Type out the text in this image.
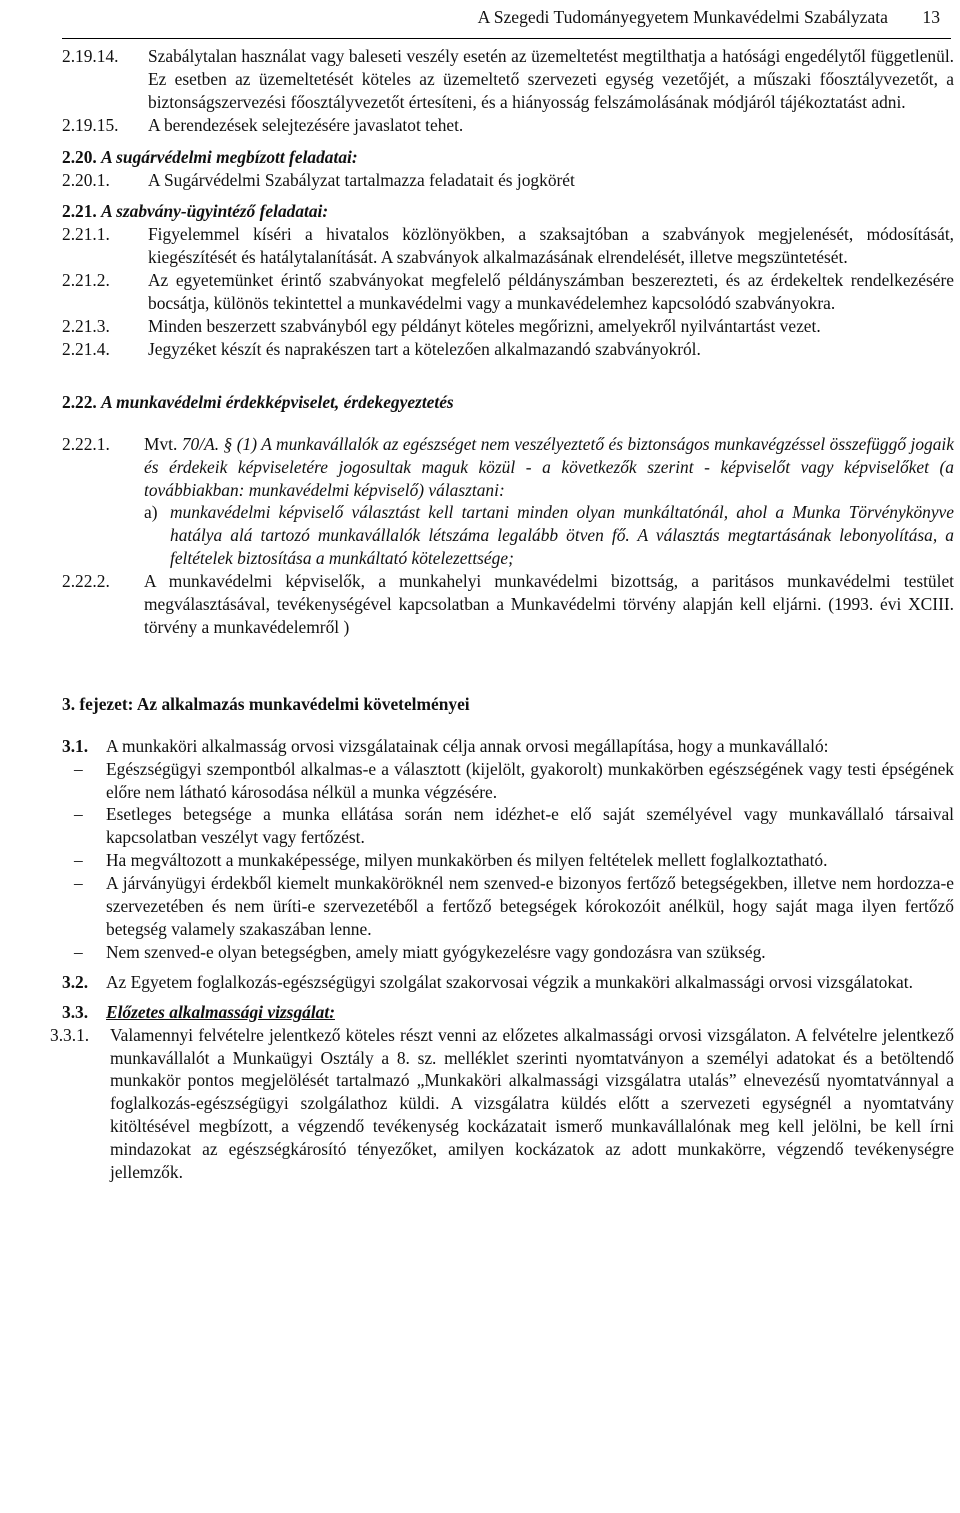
A Szegedi Tudományegyetem Munkavédelmi Szabályzata 13
2.19.14.	Szabálytalan használat vagy baleseti veszély esetén az üzemeltetést megtilthatja a hatósági engedélytől függetlenül. Ez esetben az üzemeltetését köteles az üzemeltető szervezeti egység vezetőjét, a műszaki főosztályvezetőt, a biztonságszervezési főosztályvezetőt értesíteni, és a hiányosság felszámolásának módjáról tájékoztatást adni.
2.19.15.	A berendezések selejtezésére javaslatot tehet.
2.20.
A sugárvédelmi megbízott feladatai:
2.20.1.	A Sugárvédelmi Szabályzat tartalmazza feladatait és jogkörét
2.21.
A szabvány-ügyintéző feladatai:
2.21.1.	Figyelemmel kíséri a hivatalos közlönyökben, a szaksajtóban a szabványok megjelenését, módosítását, kiegészítését és hatálytalanítását. A szabványok alkalmazásának elrendelését, illetve megszüntetését.
2.21.2.	Az egyetemünket érintő szabványokat megfelelő példányszámban beszerezteti, és az érdekeltek rendelkezésére bocsátja, különös tekintettel a munkavédelmi vagy a munkavédelemhez kapcsolódó szabványokra.
2.21.3.	Minden beszerzett szabványból egy példányt köteles megőrizni, amelyekről nyilvántartást vezet.
2.21.4.	Jegyzéket készít és naprakészen tart a kötelezően alkalmazandó szabványokról.
2.22.
A munkavédelmi érdekképviselet, érdekegyeztetés
2.22.1.	Mvt. 70/A. § (1) A munkavállalók az egészséget nem veszélyeztető és biztonságos munkavégzéssel összefüggő jogaik és érdekeik képviseletére jogosultak maguk közül - a következők szerint - képviselőt vagy képviselőket (a továbbiakban: munkavédelmi képviselő) választani:
a) munkavédelmi képviselő választást kell tartani minden olyan munkáltatónál, ahol a Munka Törvénykönyve hatálya alá tartozó munkavállalók létszáma legalább ötven fő. A választás megtartásának lebonyolítása, a feltételek biztosítása a munkáltató kötelezettsége;
2.22.2.	A munkavédelmi képviselők, a munkahelyi munkavédelmi bizottság, a paritásos munkavédelmi testület megválasztásával, tevékenységével kapcsolatban a Munkavédelmi törvény alapján kell eljárni. (1993. évi XCIII. törvény a munkavédelemről )
3. fejezet: Az alkalmazás munkavédelmi követelményei
3.1.	A munkaköri alkalmasság orvosi vizsgálatainak célja annak orvosi megállapítása, hogy a munkavállaló:
–	Egészségügyi szempontból alkalmas-e a választott (kijelölt, gyakorolt) munkakörben egészségének vagy testi épségének előre nem látható károsodása nélkül a munka végzésére.
–	Esetleges betegsége a munka ellátása során nem idézhet-e elő saját személyével vagy munkavállaló társaival kapcsolatban veszélyt vagy fertőzést.
–	Ha megváltozott a munkaképessége, milyen munkakörben és milyen feltételek mellett foglalkoztatható.
–	A járványügyi érdekből kiemelt munkaköröknél nem szenved-e bizonyos fertőző betegségekben, illetve nem hordozza-e szervezetében és nem üríti-e szervezetéből a fertőző betegségek kórokozóit anélkül, hogy saját maga ilyen fertőző betegség valamely szakaszában lenne.
–	Nem szenved-e olyan betegségben, amely miatt gyógykezelésre vagy gondozásra van szükség.
3.2.	Az Egyetem foglalkozás-egészségügyi szolgálat szakorvosai végzik a munkaköri alkalmassági orvosi vizsgálatokat.
3.3.	Előzetes alkalmassági vizsgálat:
3.3.1.	Valamennyi felvételre jelentkező köteles részt venni az előzetes alkalmassági orvosi vizsgálaton. A felvételre jelentkező munkavállalót a Munkaügyi Osztály a 8. sz. melléklet szerinti nyomtatványon a személyi adatokat és a betöltendő munkakör pontos megjelölését tartalmazó „Munkaköri alkalmassági vizsgálatra utalás” elnevezésű nyomtatvánnyal a foglalkozás-egészségügyi szolgálathoz küldi. A vizsgálatra küldés előtt a szervezeti egységnél a nyomtatvány kitöltésével megbízott, a végzendő tevékenység kockázatait ismerő munkavállalónak meg kell jelölni, be kell írni mindazokat az egészségkárosító tényezőket, amilyen kockázatok az adott munkakörre, végzendő tevékenységre jellemzők.
